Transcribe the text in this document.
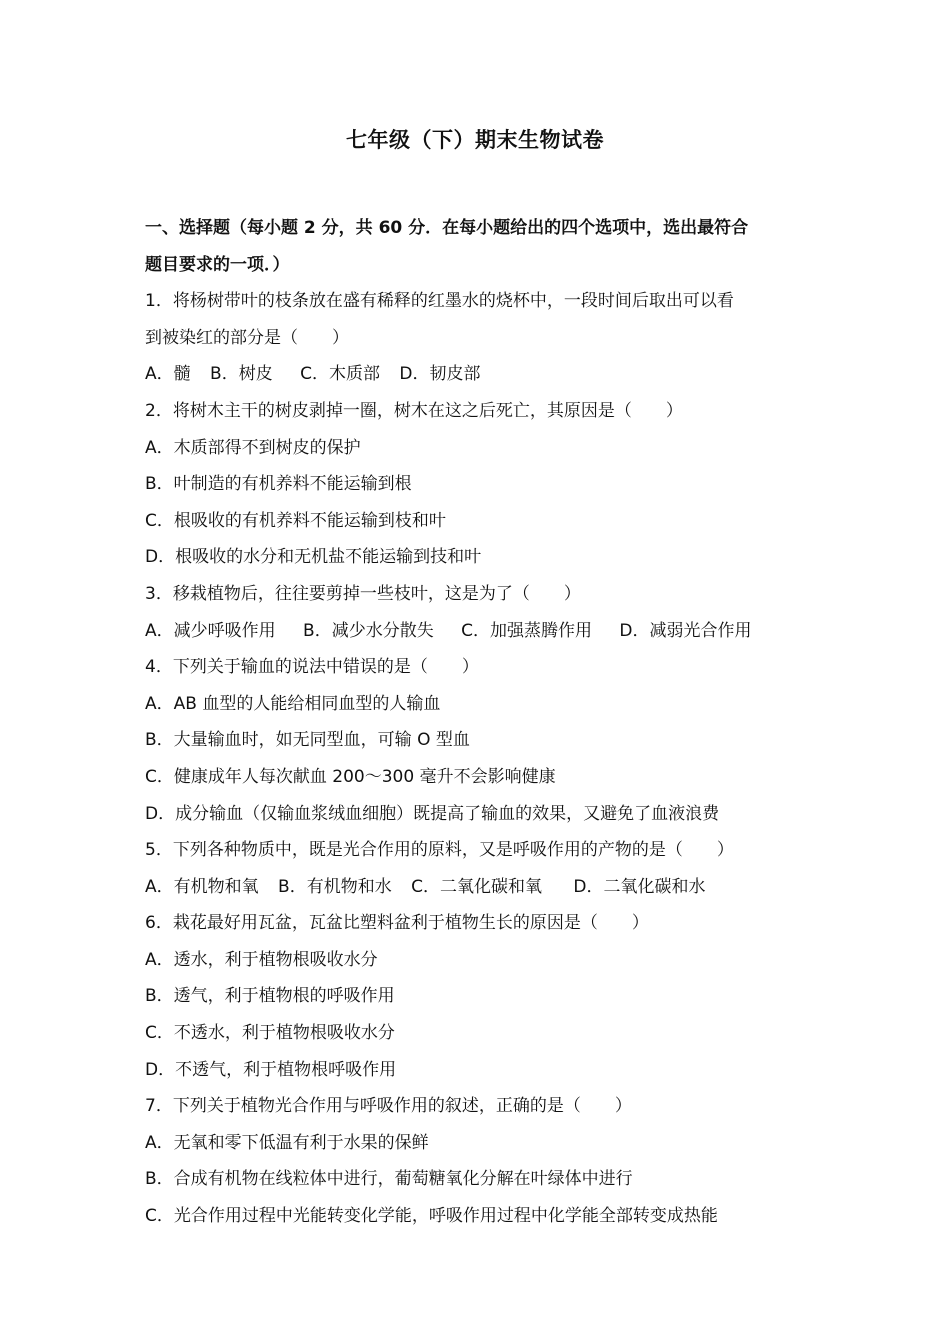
七年级（下）期末生物试卷
一、选择题（每小题 2 分，共 60 分．在每小题给出的四个选项中，选出最符合
题目要求的一项．）
1．将杨树带叶的枝条放在盛有稀释的红墨水的烧杯中，一段时间后取出可以看
到被染红的部分是（　　）
A．髓 B．树皮 C．木质部 D．韧皮部
2．将树木主干的树皮剥掉一圈，树木在这之后死亡，其原因是（　　）
A．木质部得不到树皮的保护
B．叶制造的有机养料不能运输到根
C．根吸收的有机养料不能运输到枝和叶
D．根吸收的水分和无机盐不能运输到技和叶
3．移栽植物后，往往要剪掉一些枝叶，这是为了（　　）
A．减少呼吸作用 B．减少水分散失 C．加强蒸腾作用 D．减弱光合作用
4．下列关于输血的说法中错误的是（　　）
A．AB 血型的人能给相同血型的人输血
B．大量输血时，如无同型血，可输 O 型血
C．健康成年人每次献血 200～300 毫升不会影响健康
D．成分输血（仅输血浆绒血细胞）既提高了输血的效果，又避免了血液浪费
5．下列各种物质中，既是光合作用的原料，又是呼吸作用的产物的是（　　）
A．有机物和氧 B．有机物和水 C．二氧化碳和氧 D．二氧化碳和水
6．栽花最好用瓦盆，瓦盆比塑料盆利于植物生长的原因是（　　）
A．透水，利于植物根吸收水分
B．透气，利于植物根的呼吸作用
C．不透水，利于植物根吸收水分
D．不透气，利于植物根呼吸作用
7．下列关于植物光合作用与呼吸作用的叙述，正确的是（　　）
A．无氧和零下低温有利于水果的保鲜
B．合成有机物在线粒体中进行，葡萄糖氧化分解在叶绿体中进行
C．光合作用过程中光能转变化学能，呼吸作用过程中化学能全部转变成热能
